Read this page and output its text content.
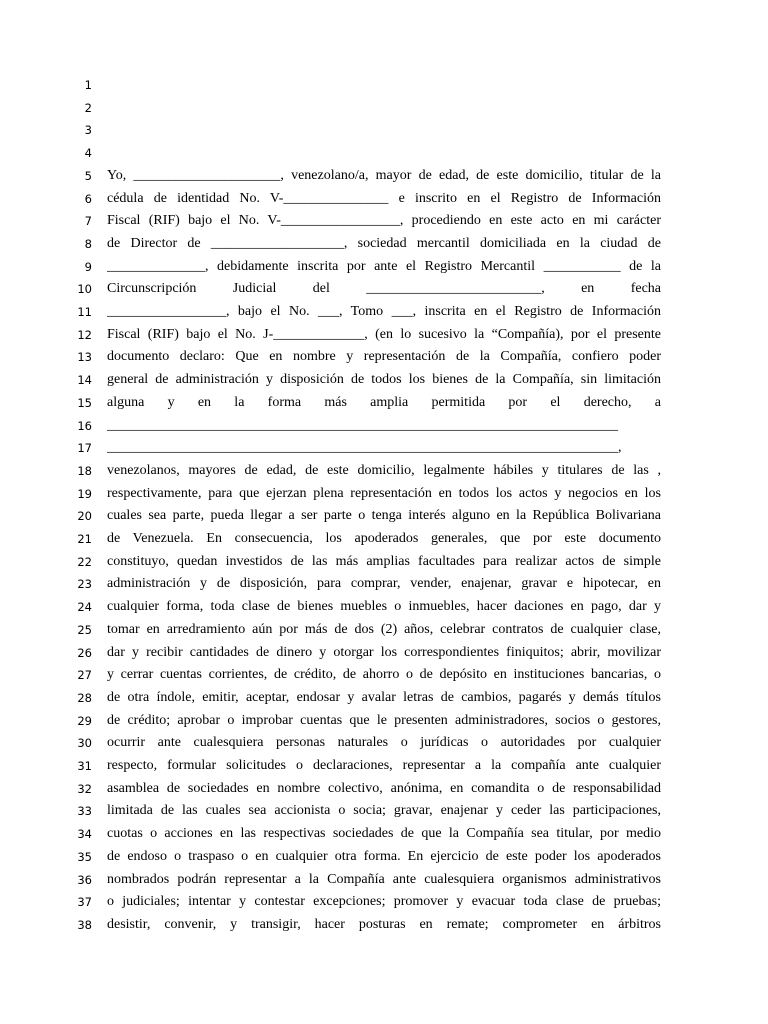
1
2
3
4
5 Yo, _____________________, venezolano/a, mayor de edad, de este domicilio, titular de la
6 cédula de identidad No. V-_______________ e inscrito en el Registro de Información
7 Fiscal (RIF) bajo el No. V-_________________, procediendo en este acto en mi carácter
8 de Director de ___________________, sociedad mercantil domiciliada en la ciudad de
9 ______________, debidamente inscrita por ante el Registro Mercantil ___________ de la
10 Circunscripción Judicial del _________________________, en fecha
11 _________________, bajo el No. ___, Tomo ___, inscrita en el Registro de Información
12 Fiscal (RIF) bajo el No. J-_____________, (en lo sucesivo la “Compañía), por el presente
13 documento declaro: Que en nombre y representación de la Compañía, confiero poder
14 general de administración y disposición de todos los bienes de la Compañía, sin limitación
15 alguna y en la forma más amplia permitida por el derecho, a
16 _________________________________________________________________________
17 _________________________________________________________________________,
18 venezolanos, mayores de edad, de este domicilio, legalmente hábiles y titulares de las ,
19 respectivamente, para que ejerzan plena representación en todos los actos y negocios en los
20 cuales sea parte, pueda llegar a ser parte o tenga interés alguno en la República Bolivariana
21 de Venezuela. En consecuencia, los apoderados generales, que por este documento
22 constituyo, quedan investidos de las más amplias facultades para realizar actos de simple
23 administración y de disposición, para comprar, vender, enajenar, gravar e hipotecar, en
24 cualquier forma, toda clase de bienes muebles o inmuebles, hacer daciones en pago, dar y
25 tomar en arredramiento aún por más de dos (2) años, celebrar contratos de cualquier clase,
26 dar y recibir cantidades de dinero y otorgar los correspondientes finiquitos; abrir, movilizar
27 y cerrar cuentas corrientes, de crédito, de ahorro o de depósito en instituciones bancarias, o
28 de otra índole, emitir, aceptar, endosar y avalar letras de cambios, pagarés y demás títulos
29 de crédito; aprobar o improbar cuentas que le presenten administradores, socios o gestores,
30 ocurrir ante cualesquiera personas naturales o jurídicas o autoridades por cualquier
31 respecto, formular solicitudes o declaraciones, representar a la compañía ante cualquier
32 asamblea de sociedades en nombre colectivo, anónima, en comandita o de responsabilidad
33 limitada de las cuales sea accionista o socia; gravar, enajenar y ceder las participaciones,
34 cuotas o acciones en las respectivas sociedades de que la Compañía sea titular, por medio
35 de endoso o traspaso o en cualquier otra forma. En ejercicio de este poder los apoderados
36 nombrados podrán representar a la Compañía ante cualesquiera organismos administrativos
37 o judiciales; intentar y contestar excepciones; promover y evacuar toda clase de pruebas;
38 desistir, convenir, y transigir, hacer posturas en remate; comprometer en árbitros
